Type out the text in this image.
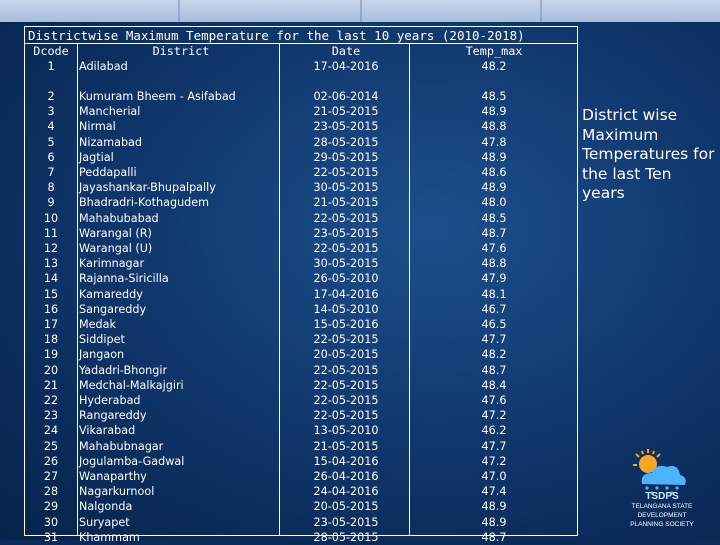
Districtwise Maximum Temperature for the last 10 years (2010-2018)
Dcode	District	Date	Temp_max
1	Adilabad	17-04-2016	48.2
2	Kumuram Bheem - Asifabad	02-06-2014	48.5
3	Mancherial	21-05-2015	48.9
4	Nirmal	23-05-2015	48.8
5	Nizamabad	28-05-2015	47.8
6	Jagtial	29-05-2015	48.9
7	Peddapalli	22-05-2015	48.6
8	Jayashankar-Bhupalpally	30-05-2015	48.9
9	Bhadradri-Kothagudem	21-05-2015	48.0
10	Mahabubabad	22-05-2015	48.5
11	Warangal (R)	23-05-2015	48.7
12	Warangal (U)	22-05-2015	47.6
13	Karimnagar	30-05-2015	48.8
14	Rajanna-Siricilla	26-05-2010	47.9
15	Kamareddy	17-04-2016	48.1
16	Sangareddy	14-05-2010	46.7
17	Medak	15-05-2016	46.5
18	Siddipet	22-05-2015	47.7
19	Jangaon	20-05-2015	48.2
20	Yadadri-Bhongir	22-05-2015	48.7
21	Medchal-Malkajgiri	22-05-2015	48.4
22	Hyderabad	22-05-2015	47.6
23	Rangareddy	22-05-2015	47.2
24	Vikarabad	13-05-2010	46.2
25	Mahabubnagar	21-05-2015	47.7
26	Jogulamba-Gadwal	15-04-2016	47.2
27	Wanaparthy	26-04-2016	47.0
28	Nagarkurnool	24-04-2016	47.4
29	Nalgonda	20-05-2015	48.9
30	Suryapet	23-05-2015	48.9
31	Khammam	28-05-2015	48.7
District wise Maximum Temperatures for the last Ten years
TSDPS
TELANGANA STATE
DEVELOPMENT
PLANNING SOCIETY
